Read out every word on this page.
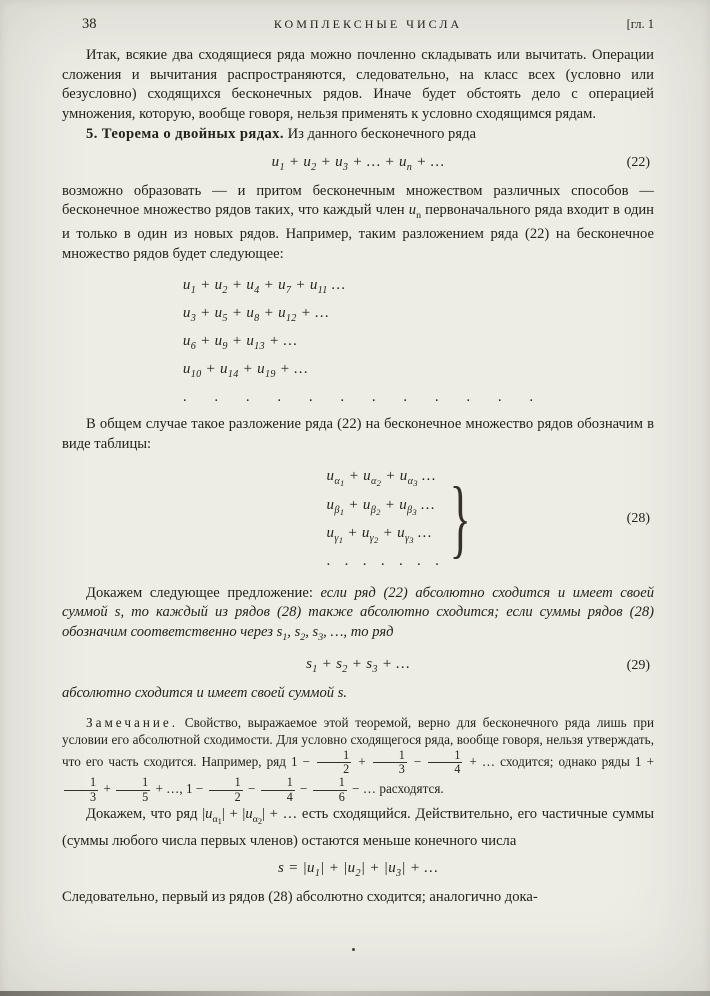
38	КОМПЛЕКСНЫЕ ЧИСЛА	[гл. 1

Итак, всякие два сходящиеся ряда можно почленно складывать или вычитать. Операции сложения и вычитания распространяются, следовательно, на класс всех (условно или безусловно) сходящихся бесконечных рядов. Иначе будет обстоять дело с операцией умножения, которую, вообще говоря, нельзя применять к условно сходящимся рядам.

5. Теорема о двойных рядах. Из данного бесконечного ряда

$u_1 + u_2 + u_3$ + … + $u_n$ + …	(22)

возможно образовать — и притом бесконечным множеством различных способов — бесконечное множество рядов таких, что каждый член $u_n$ первоначального ряда входит в один и только в один из новых рядов. Например, таким разложением ряда (22) на бесконечное множество рядов будет следующее:

$u_1 + u_2 + u_4 + u_7 + u_{11}$ …
$u_3 + u_5 + u_8 + u_{12}$ + …
$u_6 + u_9 + u_{13}$ + …
$u_{10} + u_{14} + u_{19}$ + …
. . . . . . . . . . . .

В общем случае такое разложение ряда (22) на бесконечное множество рядов обозначим в виде таблицы:

$u_{\alpha_1} + u_{\alpha_2} + u_{\alpha_3}$ …
$u_{\beta_1} + u_{\beta_2} + u_{\beta_3}$ …
$u_{\gamma_1} + u_{\gamma_2} + u_{\gamma_3}$ …
. . . . . . . }	(28)

Докажем следующее предложение: если ряд (22) абсолютно сходится и имеет своей суммой s, то каждый из рядов (28) также абсолютно сходится; если суммы рядов (28) обозначим соответственно через $s_1$, $s_2$, $s_3$, …, то ряд

$s_1 + s_2 + s_3$ + …	(29)

абсолютно сходится и имеет своей суммой s.

Замечание. Свойство, выражаемое этой теоремой, верно для бесконечного ряда лишь при условии его абсолютной сходимости. Для условно сходящегося ряда, вообще говоря, нельзя утверждать, что его часть сходится. Например, ряд $1 - \frac{1}{2} + \frac{1}{3} - \frac{1}{4}$ + … сходится; однако ряды 1 +
$\frac{1}{3} + \frac{1}{5}$ + …, $1 - \frac{1}{2} - \frac{1}{4} - \frac{1}{6}$ − … расходятся.

Докажем, что ряд $|u_{\alpha_1}| + |u_{\alpha_2}|$ + … есть сходящийся. Действительно, его частичные суммы (суммы любого числа первых членов) остаются меньше конечного числа

$s = |u_1| + |u_2| + |u_3|$ + …

Следовательно, первый из рядов (28) абсолютно сходится; аналогично дока-
